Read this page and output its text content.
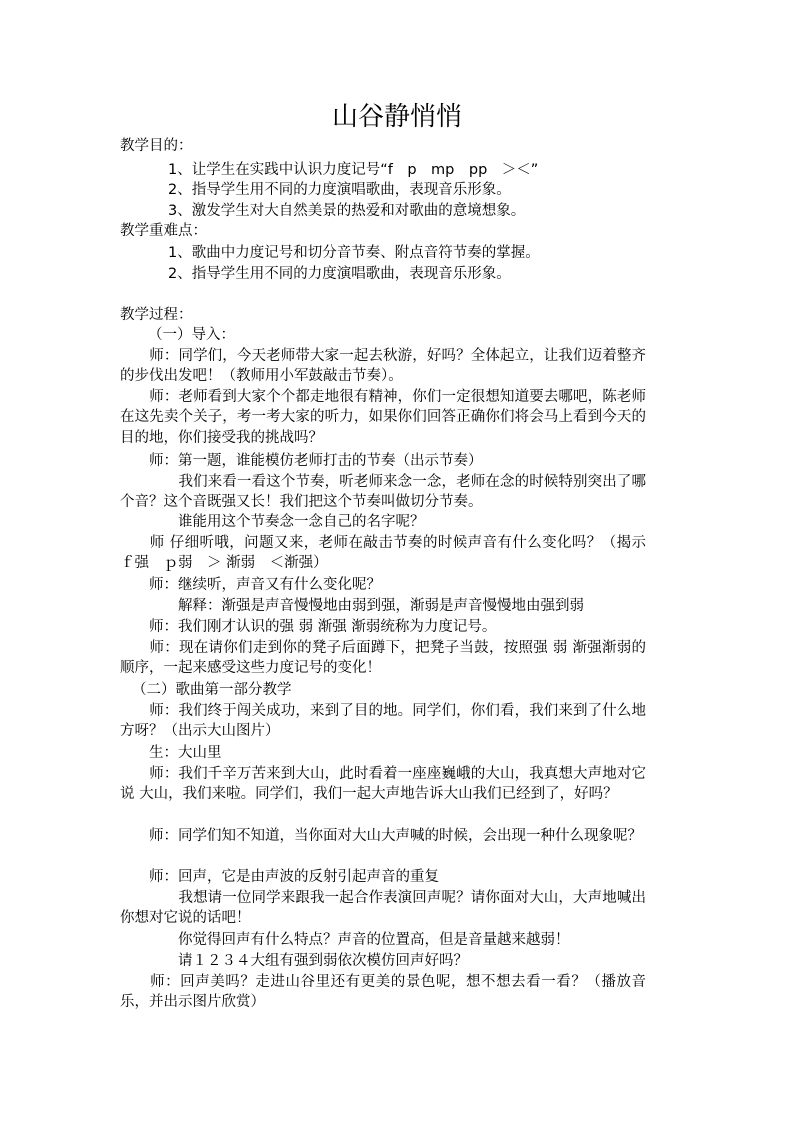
山谷静悄悄
教学目的：
1、让学生在实践中认识力度记号“f　p　mp　pp　＞＜”
2、指导学生用不同的力度演唱歌曲，表现音乐形象。
3、激发学生对大自然美景的热爱和对歌曲的意境想象。
教学重难点：
1、歌曲中力度记号和切分音节奏、附点音符节奏的掌握。
2、指导学生用不同的力度演唱歌曲，表现音乐形象。
教学过程：
（一）导入：
　　师：同学们，今天老师带大家一起去秋游，好吗？全体起立，让我们迈着整齐的步伐出发吧！（教师用小军鼓敲击节奏）。
　　师：老师看到大家个个都走地很有精神，你们一定很想知道要去哪吧，陈老师在这先卖个关子，考一考大家的听力，如果你们回答正确你们将会马上看到今天的目的地，你们接受我的挑战吗？
　　师：第一题，谁能模仿老师打击的节奏（出示节奏）
　　　　我们来看一看这个节奏，听老师来念一念，老师在念的时候特别突出了哪个音？这个音既强又长！我们把这个节奏叫做切分节奏。
　　　　谁能用这个节奏念一念自己的名字呢？
　　师 仔细听哦，问题又来，老师在敲击节奏的时候声音有什么变化吗？（揭示ｆ强　ｐ弱　＞ 渐弱　＜渐强）
　　师：继续听，声音又有什么变化呢？
　　　　解释：渐强是声音慢慢地由弱到强，渐弱是声音慢慢地由强到弱
　　师：我们刚才认识的强 弱 渐强 渐弱统称为力度记号。
　　师：现在请你们走到你的凳子后面蹲下，把凳子当鼓，按照强 弱 渐强渐弱的顺序，一起来感受这些力度记号的变化！
（二）歌曲第一部分教学
　　师：我们终于闯关成功，来到了目的地。同学们，你们看，我们来到了什么地方呀？（出示大山图片）
　　生：大山里
　　师：我们千辛万苦来到大山，此时看着一座座巍峨的大山，我真想大声地对它说 大山，我们来啦。同学们，我们一起大声地告诉大山我们已经到了，好吗？
　　师：同学们知不知道，当你面对大山大声喊的时候，会出现一种什么现象呢？
　　师：回声，它是由声波的反射引起声音的重复
　　　　我想请一位同学来跟我一起合作表演回声呢？请你面对大山，大声地喊出你想对它说的话吧！
　　　　你觉得回声有什么特点？声音的位置高，但是音量越来越弱！
　　　　请１２３４大组有强到弱依次模仿回声好吗？
　　师：回声美吗？走进山谷里还有更美的景色呢，想不想去看一看？（播放音乐，并出示图片欣赏）
